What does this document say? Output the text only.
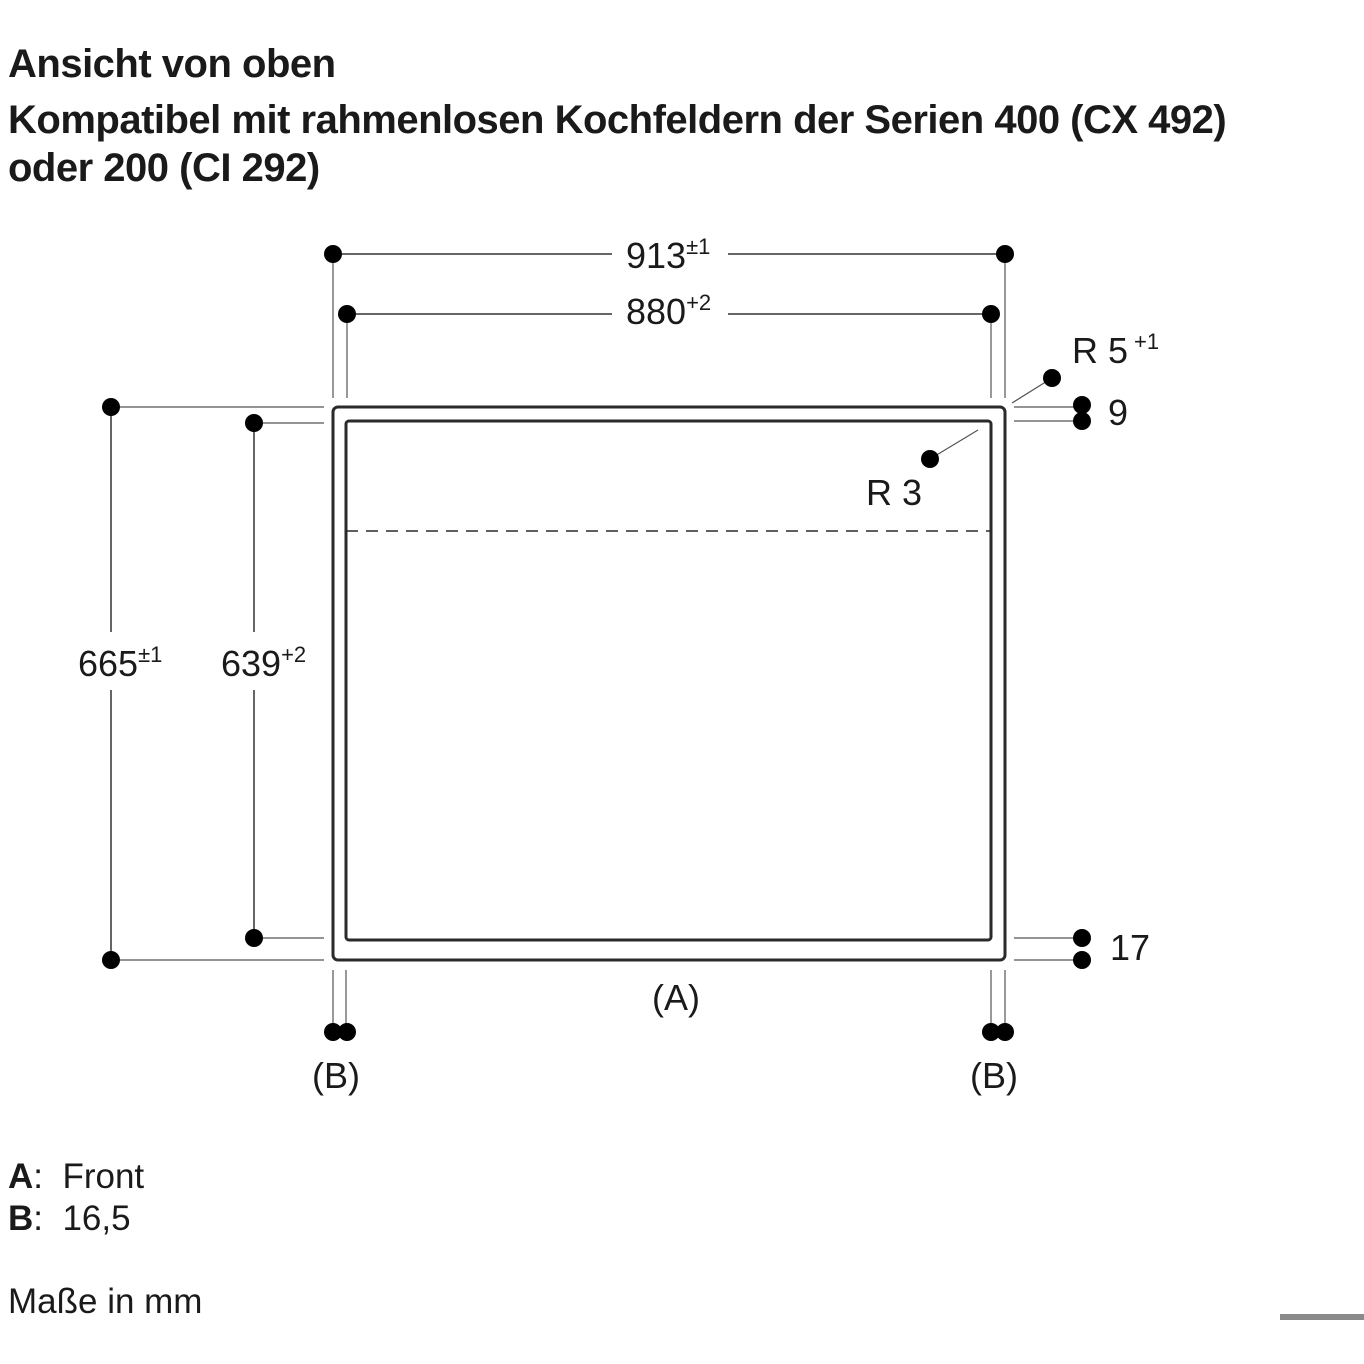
Ansicht von oben
Kompatibel mit rahmenlosen Kochfeldern der Serien 400 (CX 492)
oder 200 (CI 292)
$913^{\pm 1}$
$880^{+2}$
$665^{\pm 1}$ $639^{+2}$
R 5 $^{+1}$
R 3
9
17
(A)
(B)	(B)
A:  Front
B:  16,5
Maße in mm
